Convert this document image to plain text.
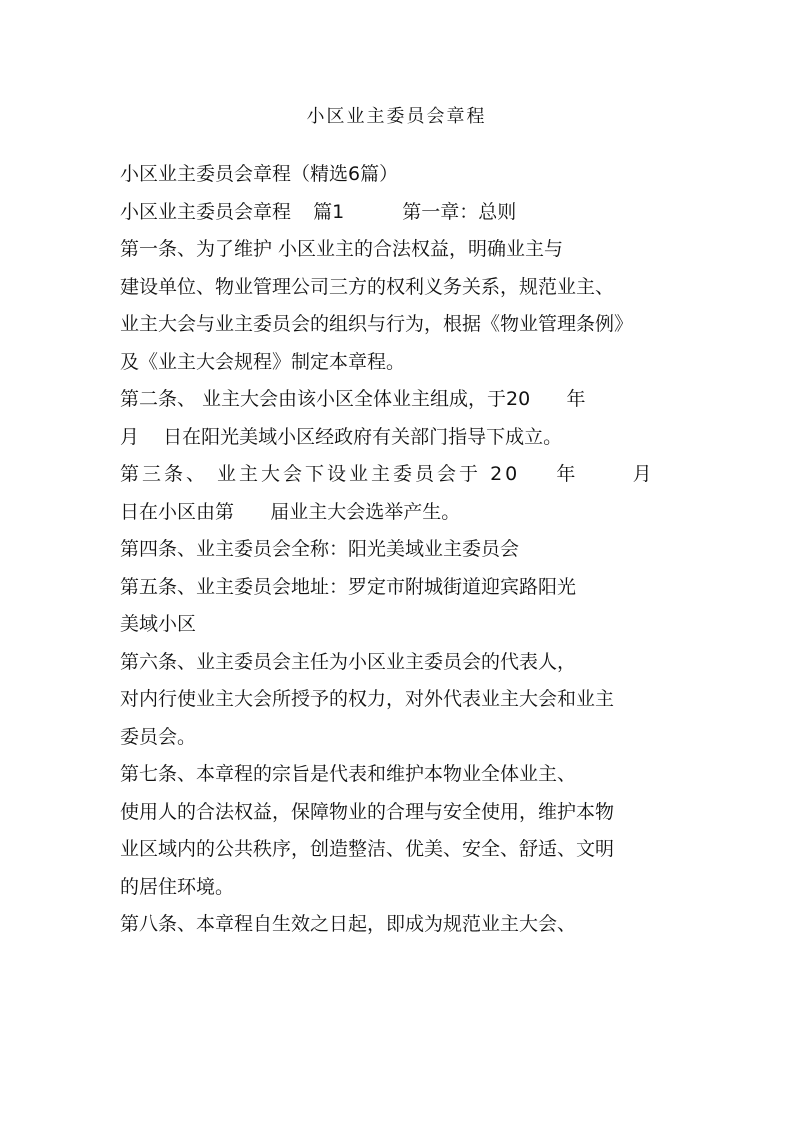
小区业主委员会章程

小区业主委员会章程（精选6篇）

小区业主委员会章程 篇1	第一章：总则

第一条、为了维护 小区业主的合法权益，明确业主与

建设单位、物业管理公司三方的权利义务关系，规范业主、

业主大会与业主委员会的组织与行为，根据《物业管理条例》

及《业主大会规程》制定本章程。

第二条、 业主大会由该小区全体业主组成，于20      年

月    日在阳光美域小区经政府有关部门指导下成立。

第三条、 业主大会下设业主委员会于 20    年      月

日在小区由第      届业主大会选举产生。

第四条、业主委员会全称：阳光美域业主委员会

第五条、业主委员会地址：罗定市附城街道迎宾路阳光

美域小区

第六条、业主委员会主任为小区业主委员会的代表人，

对内行使业主大会所授予的权力，对外代表业主大会和业主

委员会。

第七条、本章程的宗旨是代表和维护本物业全体业主、

使用人的合法权益，保障物业的合理与安全使用，维护本物

业区域内的公共秩序，创造整洁、优美、安全、舒适、文明

的居住环境。

第八条、本章程自生效之日起，即成为规范业主大会、
